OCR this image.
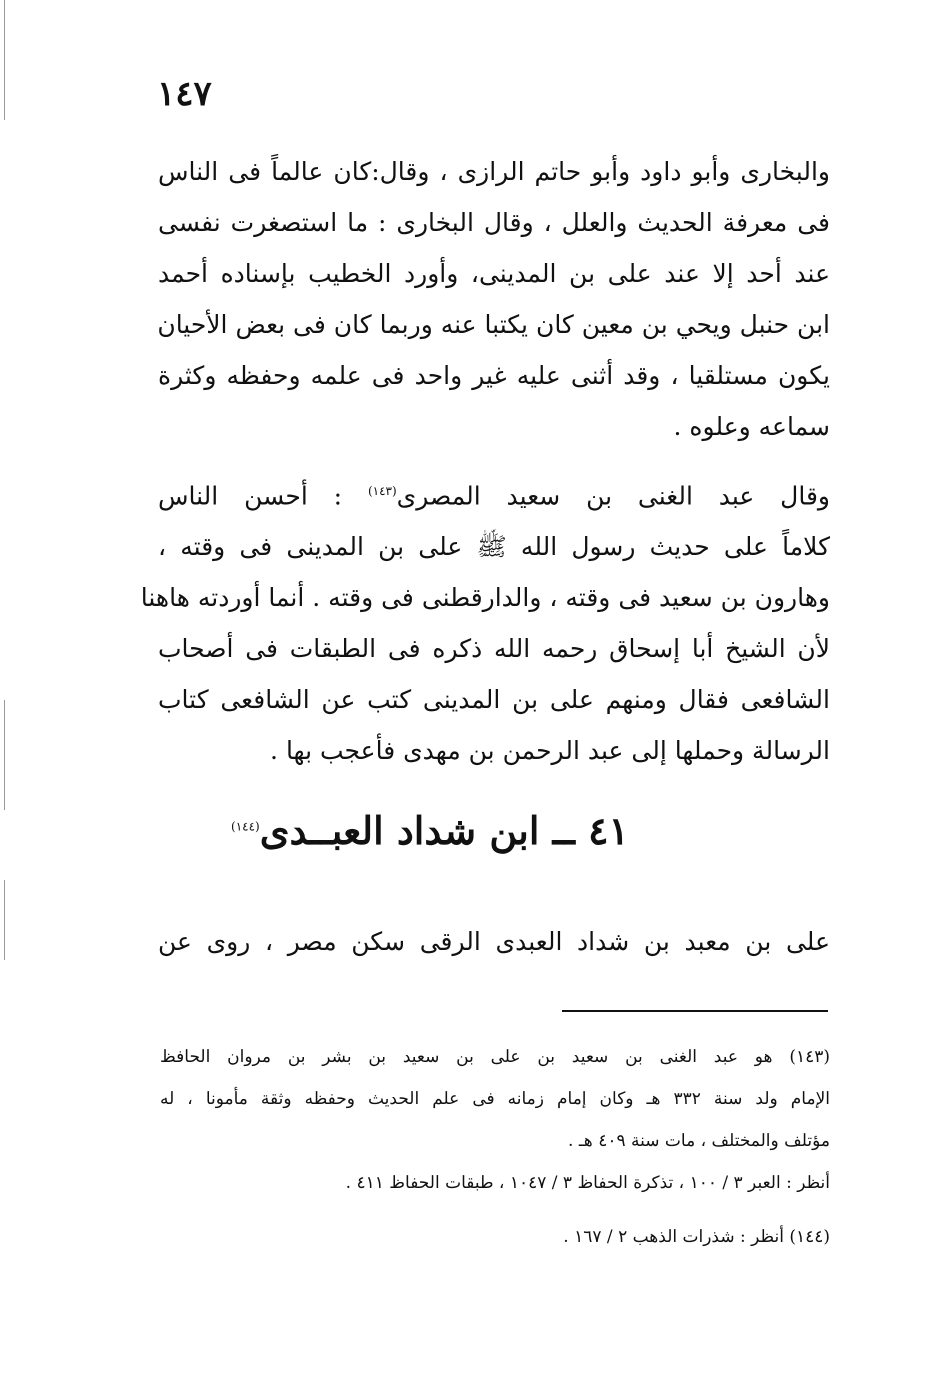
١٤٧

والبخارى وأبو داود وأبو حاتم الرازى ، وقال:كان عالماً فى الناس
فى معرفة الحديث والعلل ، وقال البخارى : ما استصغرت نفسى
عند أحد إلا عند على بن المدينى، وأورد الخطيب بإسناده أحمد
ابن حنبل ويحي بن معين كان يكتبا عنه وربما كان فى بعض الأحيان
يكون مستلقيا ، وقد أثنى عليه غير واحد فى علمه وحفظه وكثرة
سماعه وعلوه .

وقال عبد الغنى بن سعيد المصرى$^{(١٤٣)}$ : أحسن الناس
كلاماً على حديث رسول الله ﷺ على بن المدينى فى وقته ،
وهارون بن سعيد فى وقته ، والدارقطنى فى وقته . أنما أوردته هاهنا
لأن الشيخ أبا إسحاق رحمه الله ذكره فى الطبقات فى أصحاب
الشافعى فقال ومنهم على بن المدينى كتب عن الشافعى كتاب
الرسالة وحملها إلى عبد الرحمن بن مهدى فأعجب بها .

٤١ ــ ابن شداد العبــدى$^{(١٤٤)}$

على بن معبد بن شداد العبدى الرقى سكن مصر ، روى عن

(١٤٣) هو عبد الغنى بن سعيد بن على بن سعيد بن بشر بن مروان الحافظ
الإمام ولد سنة ٣٣٢ هـ وكان إمام زمانه فى علم الحديث وحفظه وثقة مأمونا ، له
مؤتلف والمختلف ، مات سنة ٤٠٩ هـ .

أنظر : العبر ٣ / ١٠٠ ، تذكرة الحفاظ ٣ / ١٠٤٧ ، طبقات الحفاظ ٤١١ .

(١٤٤) أنظر : شذرات الذهب ٢ / ١٦٧ .
